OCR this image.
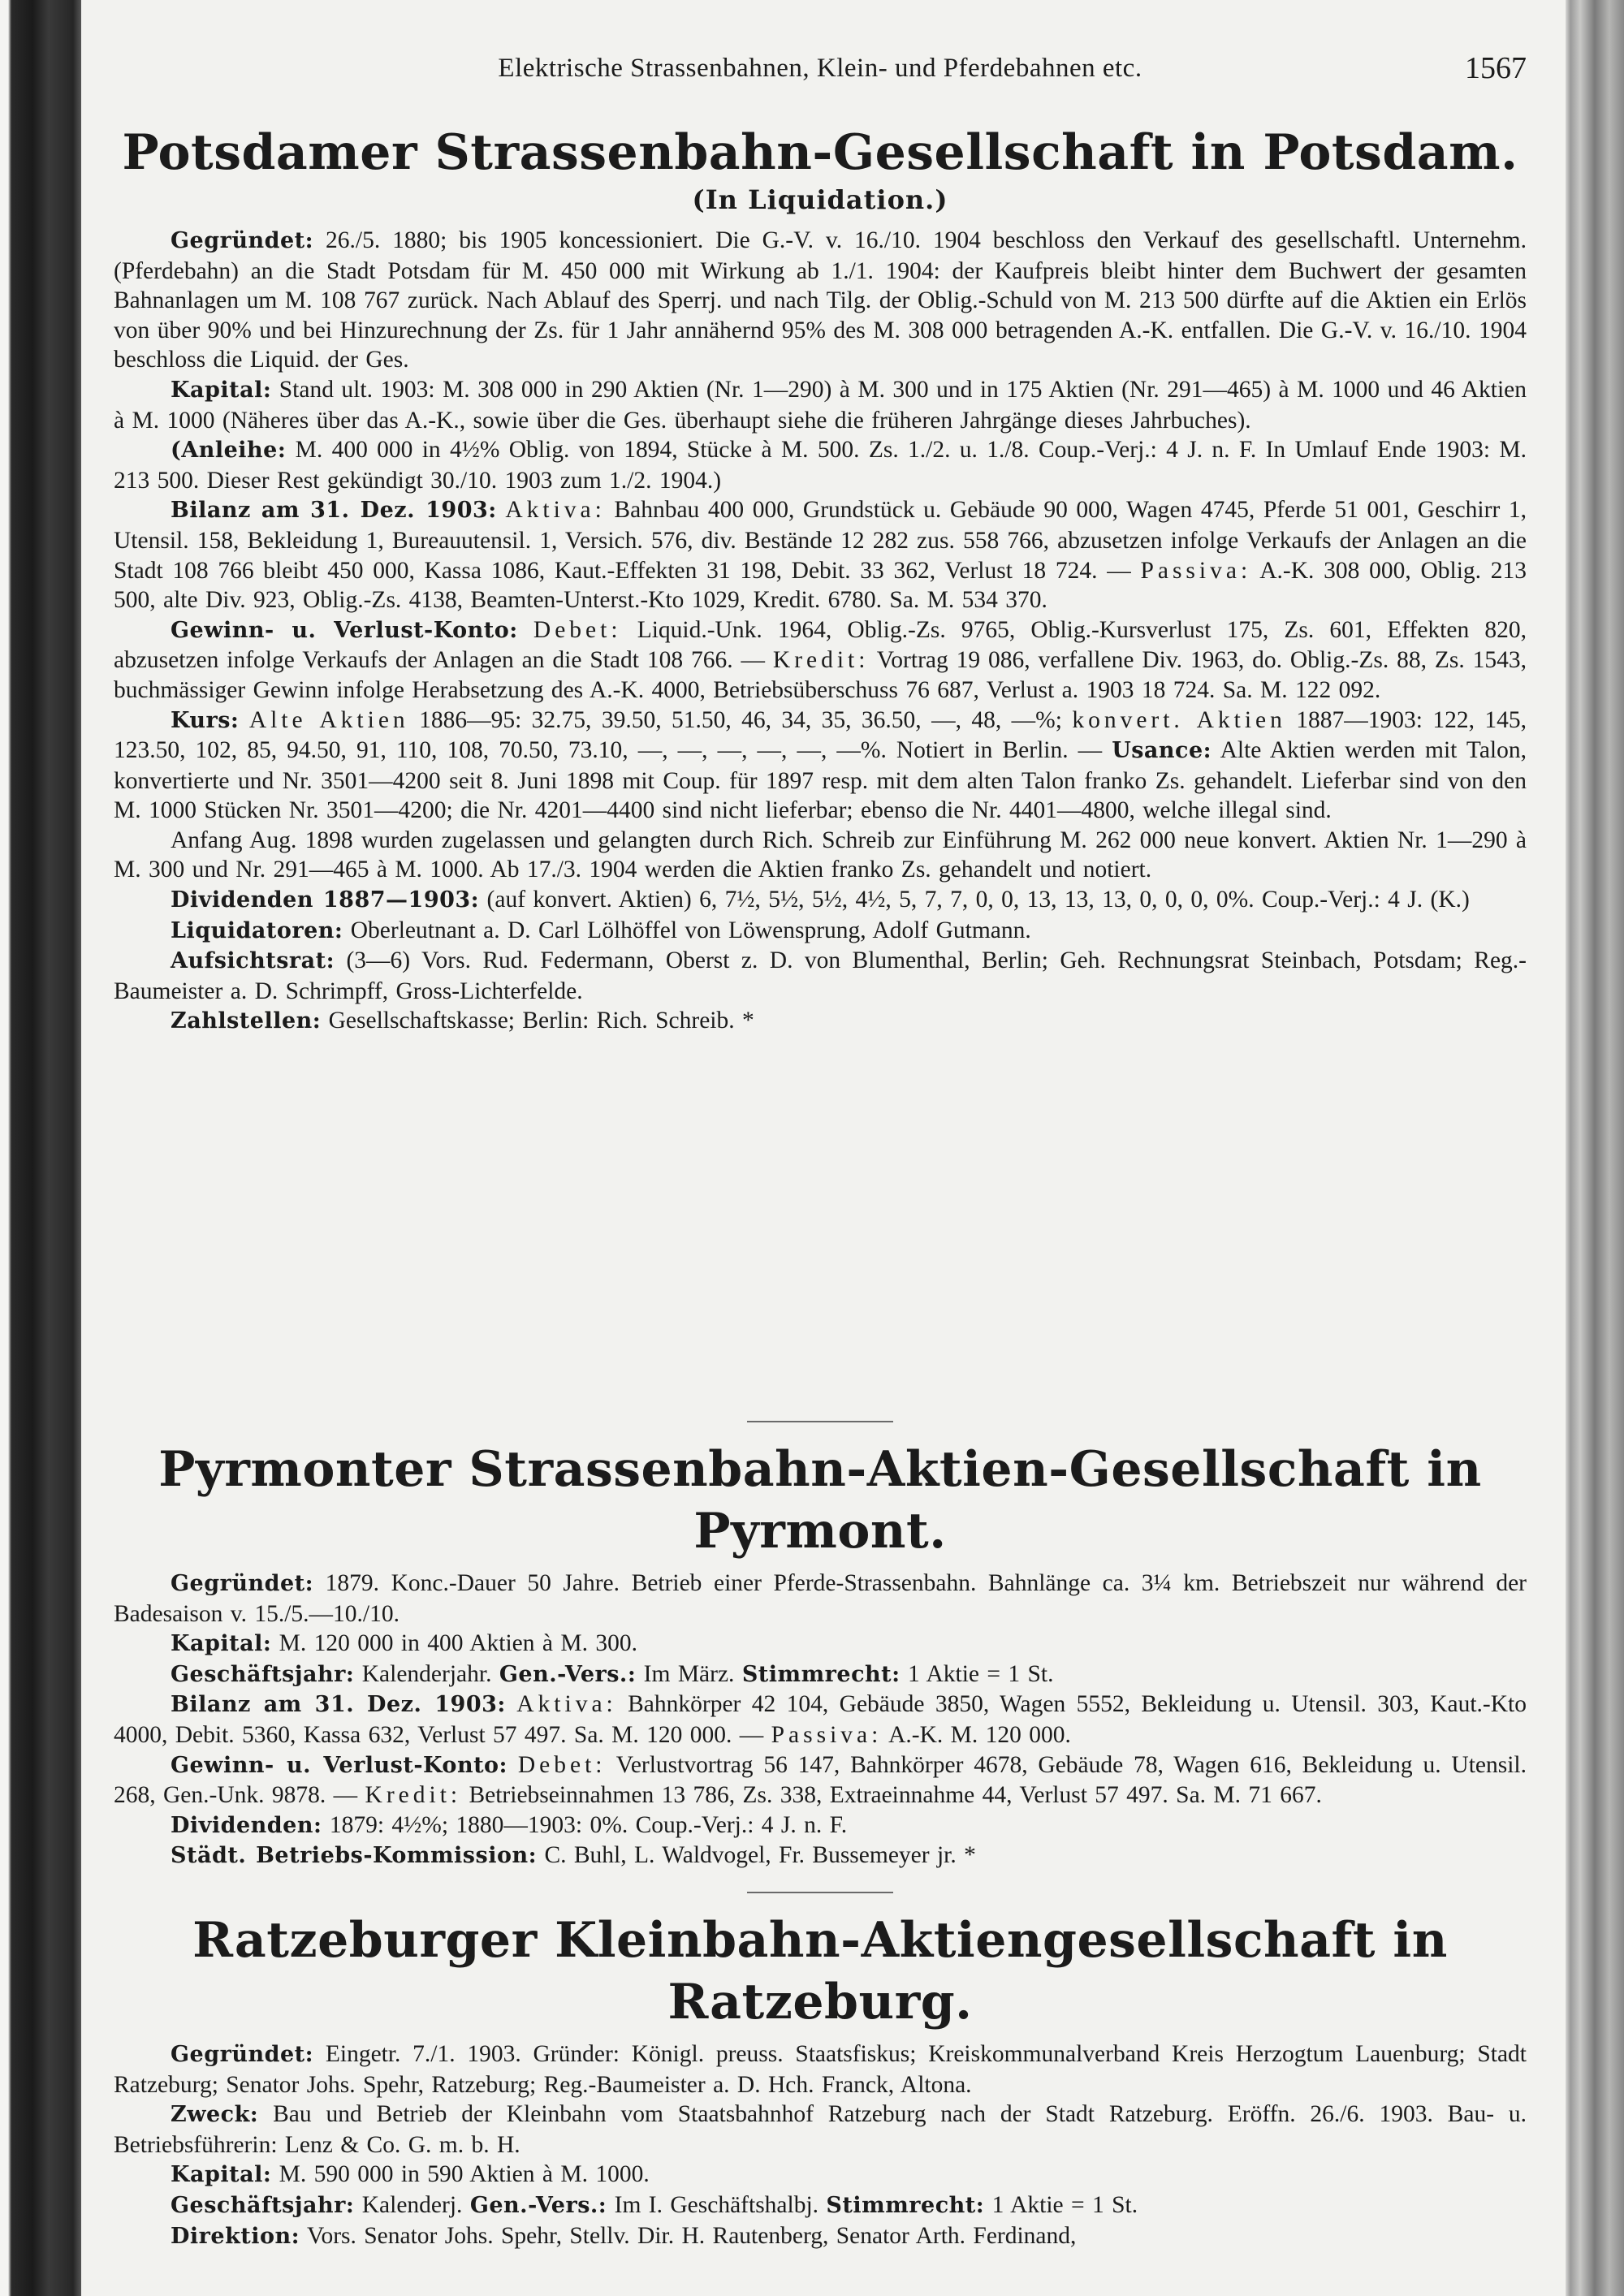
Elektrische Strassenbahnen, Klein- und Pferdebahnen etc.	1567
Potsdamer Strassenbahn-Gesellschaft in Potsdam.
(In Liquidation.)

Gegründet: 26./5. 1880; bis 1905 koncessioniert. Die G.-V. v. 16./10. 1904 beschloss den Verkauf des gesellschaftl. Unternehm. (Pferdebahn) an die Stadt Potsdam für M. 450 000 mit Wirkung ab 1./1. 1904: der Kaufpreis bleibt hinter dem Buchwert der gesamten Bahnanlagen um M. 108 767 zurück. Nach Ablauf des Sperrj. und nach Tilg. der Oblig.-Schuld von M. 213 500 dürfte auf die Aktien ein Erlös von über 90% und bei Hinzurechnung der Zs. für 1 Jahr annähernd 95% des M. 308 000 betragenden A.-K. entfallen. Die G.-V. v. 16./10. 1904 beschloss die Liquid. der Ges.

Kapital: Stand ult. 1903: M. 308 000 in 290 Aktien (Nr. 1—290) à M. 300 und in 175 Aktien (Nr. 291—465) à M. 1000 und 46 Aktien à M. 1000 (Näheres über das A.-K., sowie über die Ges. überhaupt siehe die früheren Jahrgänge dieses Jahrbuches).

(Anleihe: M. 400 000 in 4½% Oblig. von 1894, Stücke à M. 500. Zs. 1./2. u. 1./8. Coup.-Verj.: 4 J. n. F. In Umlauf Ende 1903: M. 213 500. Dieser Rest gekündigt 30./10. 1903 zum 1./2. 1904.)

Bilanz am 31. Dez. 1903: Aktiva: Bahnbau 400 000, Grundstück u. Gebäude 90 000, Wagen 4745, Pferde 51 001, Geschirr 1, Utensil. 158, Bekleidung 1, Bureauutensil. 1, Versich. 576, div. Bestände 12 282 zus. 558 766, abzusetzen infolge Verkaufs der Anlagen an die Stadt 108 766 bleibt 450 000, Kassa 1086, Kaut.-Effekten 31 198, Debit. 33 362, Verlust 18 724. — Passiva: A.-K. 308 000, Oblig. 213 500, alte Div. 923, Oblig.-Zs. 4138, Beamten-Unterst.-Kto 1029, Kredit. 6780. Sa. M. 534 370.

Gewinn- u. Verlust-Konto: Debet: Liquid.-Unk. 1964, Oblig.-Zs. 9765, Oblig.-Kursverlust 175, Zs. 601, Effekten 820, abzusetzen infolge Verkaufs der Anlagen an die Stadt 108 766. — Kredit: Vortrag 19 086, verfallene Div. 1963, do. Oblig.-Zs. 88, Zs. 1543, buchmässiger Gewinn infolge Herabsetzung des A.-K. 4000, Betriebsüberschuss 76 687, Verlust a. 1903 18 724. Sa. M. 122 092.

Kurs: Alte Aktien 1886—95: 32.75, 39.50, 51.50, 46, 34, 35, 36.50, —, 48, —%; konvert. Aktien 1887—1903: 122, 145, 123.50, 102, 85, 94.50, 91, 110, 108, 70.50, 73.10, —, —, —, —, —, —%. Notiert in Berlin. — Usance: Alte Aktien werden mit Talon, konvertierte und Nr. 3501—4200 seit 8. Juni 1898 mit Coup. für 1897 resp. mit dem alten Talon franko Zs. gehandelt. Lieferbar sind von den M. 1000 Stücken Nr. 3501—4200; die Nr. 4201—4400 sind nicht lieferbar; ebenso die Nr. 4401—4800, welche illegal sind.

Anfang Aug. 1898 wurden zugelassen und gelangten durch Rich. Schreib zur Einführung M. 262 000 neue konvert. Aktien Nr. 1—290 à M. 300 und Nr. 291—465 à M. 1000. Ab 17./3. 1904 werden die Aktien franko Zs. gehandelt und notiert.

Dividenden 1887—1903: (auf konvert. Aktien) 6, 7½, 5½, 5½, 4½, 5, 7, 7, 0, 0, 13, 13, 13, 0, 0, 0, 0%. Coup.-Verj.: 4 J. (K.)

Liquidatoren: Oberleutnant a. D. Carl Lölhöffel von Löwensprung, Adolf Gutmann.

Aufsichtsrat: (3—6) Vors. Rud. Federmann, Oberst z. D. von Blumenthal, Berlin; Geh. Rechnungsrat Steinbach, Potsdam; Reg.-Baumeister a. D. Schrimpff, Gross-Lichterfelde.

Zahlstellen: Gesellschaftskasse; Berlin: Rich. Schreib. *

Pyrmonter Strassenbahn-Aktien-Gesellschaft in Pyrmont.

Gegründet: 1879. Konc.-Dauer 50 Jahre. Betrieb einer Pferde-Strassenbahn. Bahnlänge ca. 3¼ km. Betriebszeit nur während der Badesaison v. 15./5.—10./10.

Kapital: M. 120 000 in 400 Aktien à M. 300.

Geschäftsjahr: Kalenderjahr. Gen.-Vers.: Im März. Stimmrecht: 1 Aktie = 1 St.

Bilanz am 31. Dez. 1903: Aktiva: Bahnkörper 42 104, Gebäude 3850, Wagen 5552, Bekleidung u. Utensil. 303, Kaut.-Kto 4000, Debit. 5360, Kassa 632, Verlust 57 497. Sa. M. 120 000. — Passiva: A.-K. M. 120 000.

Gewinn- u. Verlust-Konto: Debet: Verlustvortrag 56 147, Bahnkörper 4678, Gebäude 78, Wagen 616, Bekleidung u. Utensil. 268, Gen.-Unk. 9878. — Kredit: Betriebseinnahmen 13 786, Zs. 338, Extraeinnahme 44, Verlust 57 497. Sa. M. 71 667.

Dividenden: 1879: 4½%; 1880—1903: 0%. Coup.-Verj.: 4 J. n. F.

Städt. Betriebs-Kommission: C. Buhl, L. Waldvogel, Fr. Bussemeyer jr. *

Ratzeburger Kleinbahn-Aktiengesellschaft in Ratzeburg.

Gegründet: Eingetr. 7./1. 1903. Gründer: Königl. preuss. Staatsfiskus; Kreiskommunalverband Kreis Herzogtum Lauenburg; Stadt Ratzeburg; Senator Johs. Spehr, Ratzeburg; Reg.-Baumeister a. D. Hch. Franck, Altona.

Zweck: Bau und Betrieb der Kleinbahn vom Staatsbahnhof Ratzeburg nach der Stadt Ratzeburg. Eröffn. 26./6. 1903. Bau- u. Betriebsführerin: Lenz & Co. G. m. b. H.

Kapital: M. 590 000 in 590 Aktien à M. 1000.

Geschäftsjahr: Kalenderj. Gen.-Vers.: Im I. Geschäftshalbj. Stimmrecht: 1 Aktie = 1 St.

Direktion: Vors. Senator Johs. Spehr, Stellv. Dir. H. Rautenberg, Senator Arth. Ferdinand,
